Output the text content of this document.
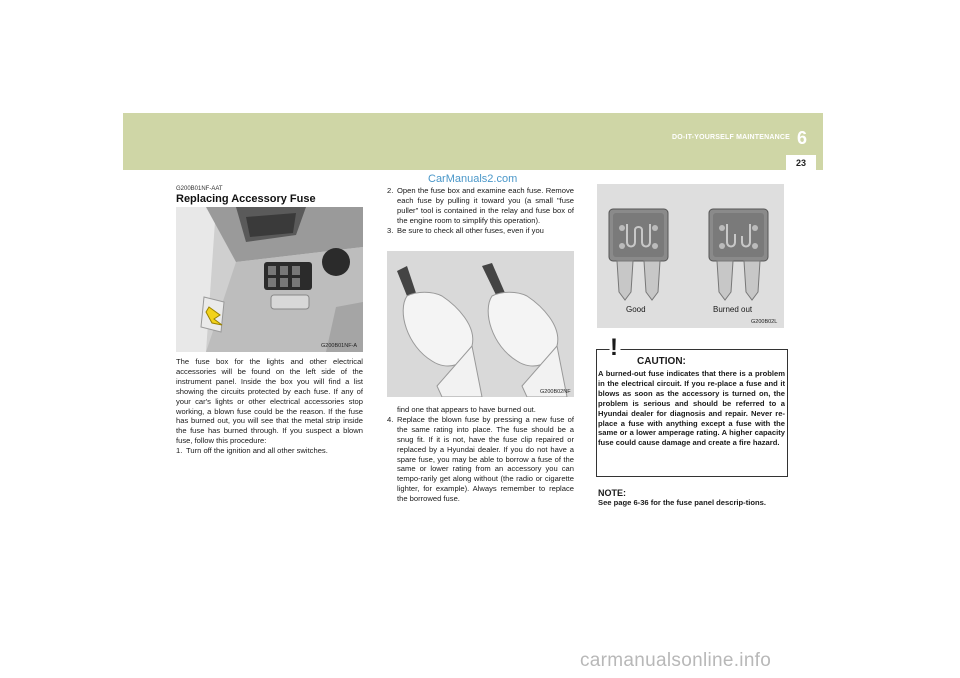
DO-IT-YOURSELF MAINTENANCE 6
23
CarManuals2.com
G200B01NF-AAT
Replacing Accessory Fuse
G200B01NF-A

The fuse box for the lights and other electrical accessories will be found on the left side of the instrument panel. Inside the box you will find a list showing the circuits protected by each fuse. If any of your car's lights or other electrical accessories stop working, a blown fuse could be the reason. If the fuse has burned out, you will see that the metal strip inside the fuse has burned through. If you suspect a blown fuse, follow this procedure:

1. Turn off the ignition and all other switches.
2. Open the fuse box and examine each fuse. Remove each fuse by pulling it toward you (a small "fuse puller" tool is contained in the relay and fuse box of the engine room to simplify this operation).
3. Be sure to check all other fuses, even if you
G200B02NF
find one that appears to have burned out.
4. Replace the blown fuse by pressing a new fuse of the same rating into place. The fuse should be a snug fit. If it is not, have the fuse clip repaired or replaced by a Hyundai dealer. If you do not have a spare fuse, you may be able to borrow a fuse of the same or lower rating from an accessory you can tempo-rarily get along without (the radio or cigarette lighter, for example). Always remember to replace the borrowed fuse.
Good	Burned out
G200B02L
!
CAUTION:
A burned-out fuse indicates that there is a problem in the electrical circuit. If you re-place a fuse and it blows as soon as the accessory is turned on, the problem is serious and should be referred to a Hyundai dealer for diagnosis and repair. Never re-place a fuse with anything except a fuse with the same or a lower amperage rating. A higher capacity fuse could cause damage and create a fire hazard.
NOTE:
See page 6-36 for the fuse panel descrip-tions.
carmanualsonline.info
